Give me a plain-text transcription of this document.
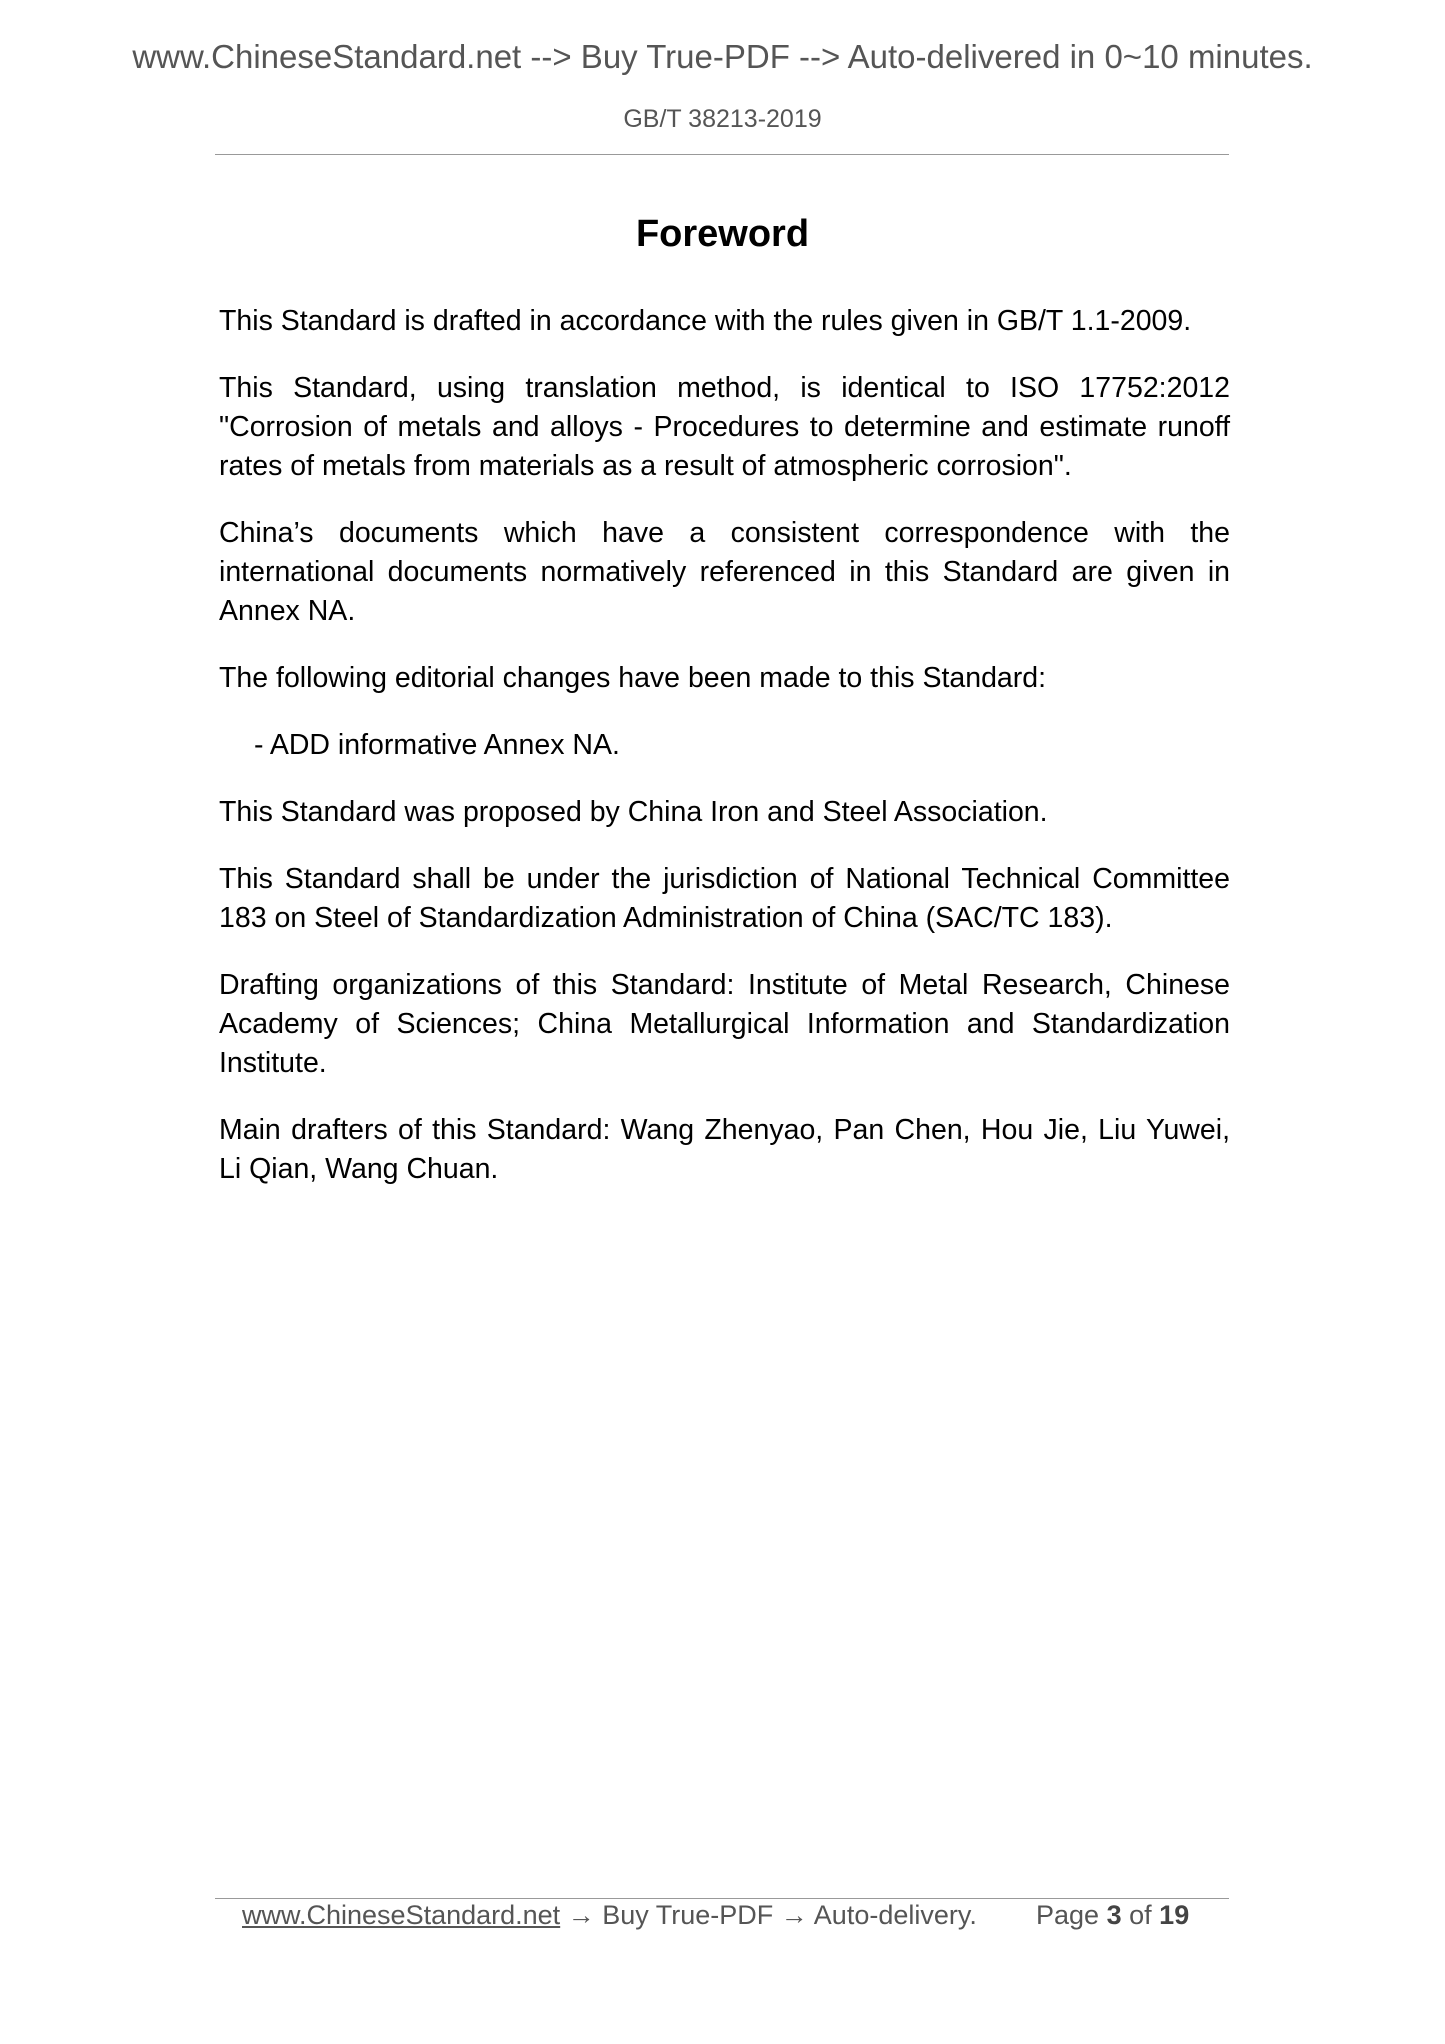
www.ChineseStandard.net --> Buy True-PDF --> Auto-delivered in 0~10 minutes.
GB/T 38213-2019
Foreword

This Standard is drafted in accordance with the rules given in GB/T 1.1-2009.

This Standard, using translation method, is identical to ISO 17752:2012 "Corrosion of metals and alloys - Procedures to determine and estimate runoff rates of metals from materials as a result of atmospheric corrosion".

China’s documents which have a consistent correspondence with the international documents normatively referenced in this Standard are given in Annex NA.

The following editorial changes have been made to this Standard:

- ADD informative Annex NA.

This Standard was proposed by China Iron and Steel Association.

This Standard shall be under the jurisdiction of National Technical Committee 183 on Steel of Standardization Administration of China (SAC/TC 183).

Drafting organizations of this Standard: Institute of Metal Research, Chinese Academy of Sciences; China Metallurgical Information and Standardization Institute.

Main drafters of this Standard: Wang Zhenyao, Pan Chen, Hou Jie, Liu Yuwei, Li Qian, Wang Chuan.

www.ChineseStandard.net → Buy True-PDF → Auto-delivery. Page 3 of 19
